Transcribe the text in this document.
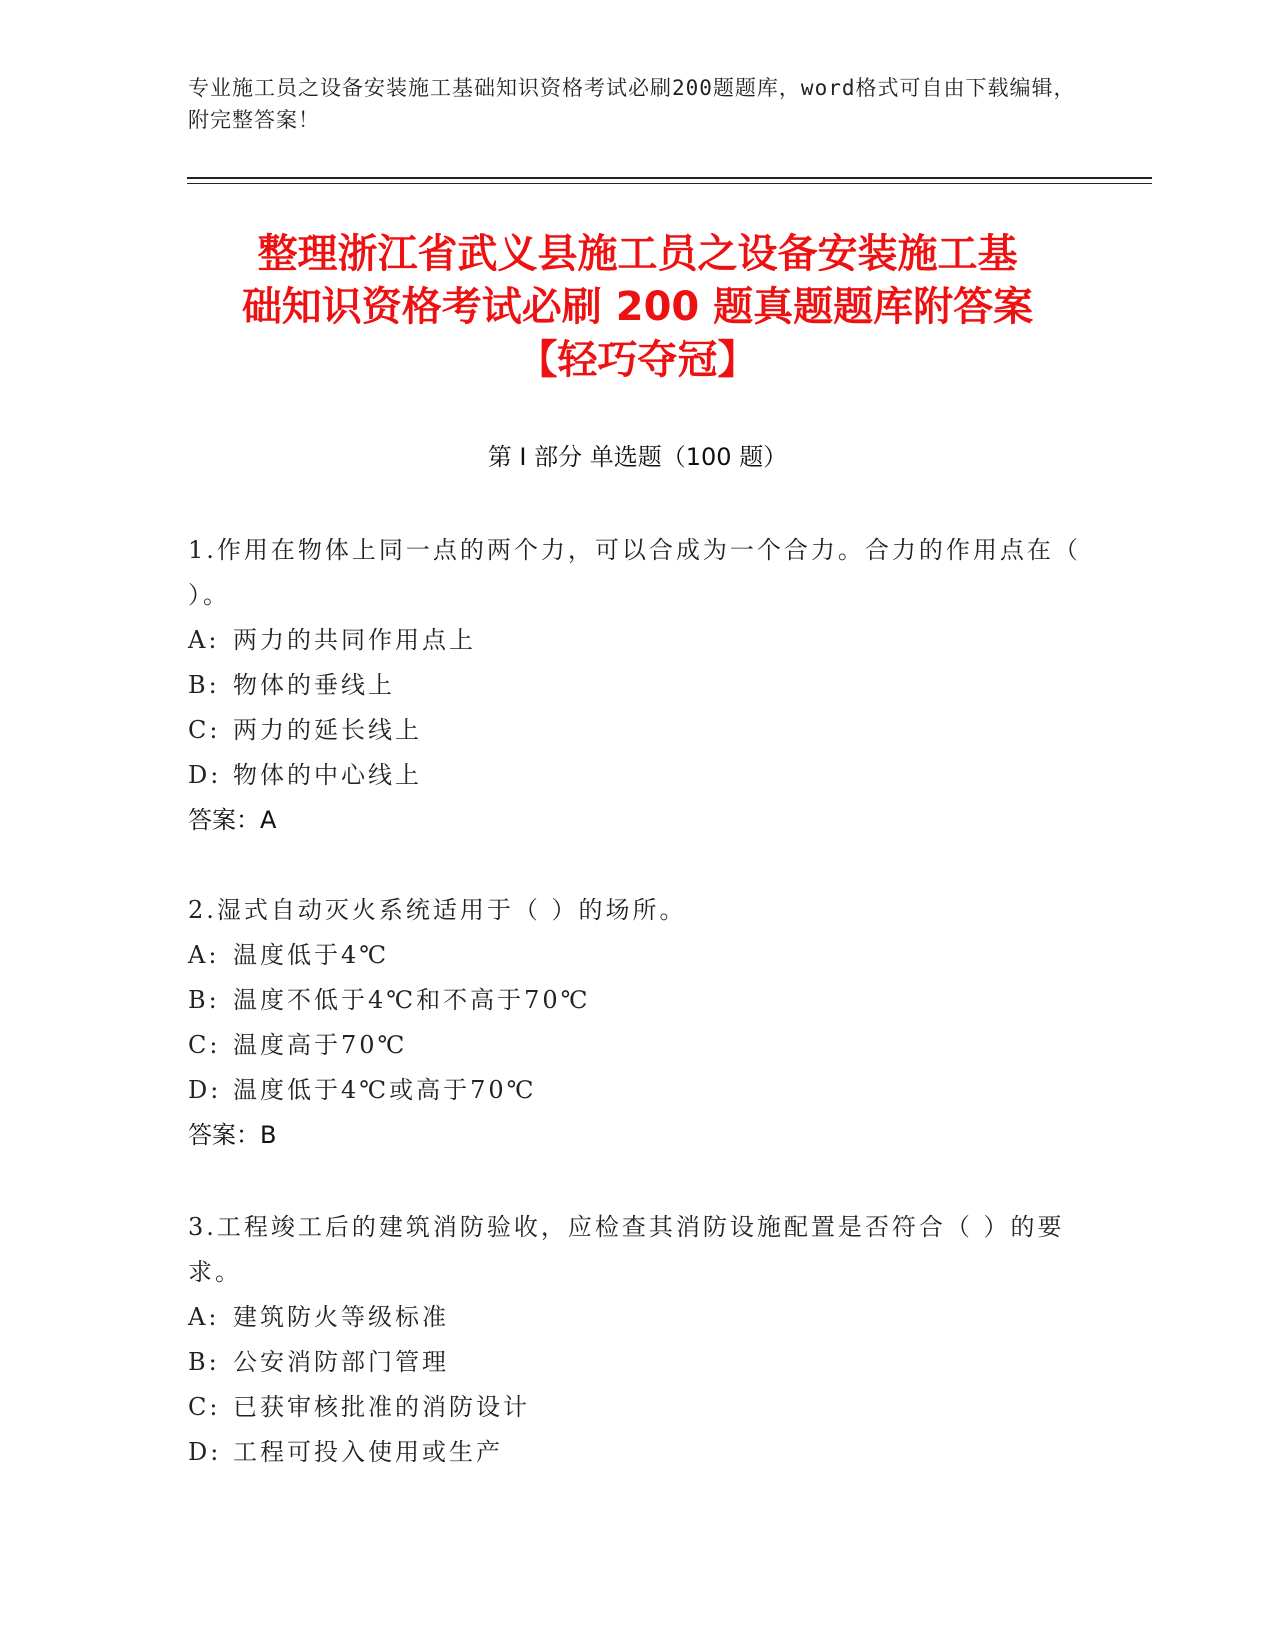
专业施工员之设备安装施工基础知识资格考试必刷200题题库，word格式可自由下载编辑，附完整答案！
整理浙江省武义县施工员之设备安装施工基
础知识资格考试必刷 200 题真题题库附答案
【轻巧夺冠】
第 I 部分 单选题（100 题）
1.作用在物体上同一点的两个力，可以合成为一个合力。合力的作用点在（ ）。
A: 两力的共同作用点上
B: 物体的垂线上
C: 两力的延长线上
D: 物体的中心线上
答案：A
2.湿式自动灭火系统适用于（ ）的场所。
A: 温度低于4℃
B: 温度不低于4℃和不高于70℃
C: 温度高于70℃
D: 温度低于4℃或高于70℃
答案：B
3.工程竣工后的建筑消防验收，应检查其消防设施配置是否符合（ ）的要求。
A: 建筑防火等级标准
B: 公安消防部门管理
C: 已获审核批准的消防设计
D: 工程可投入使用或生产
